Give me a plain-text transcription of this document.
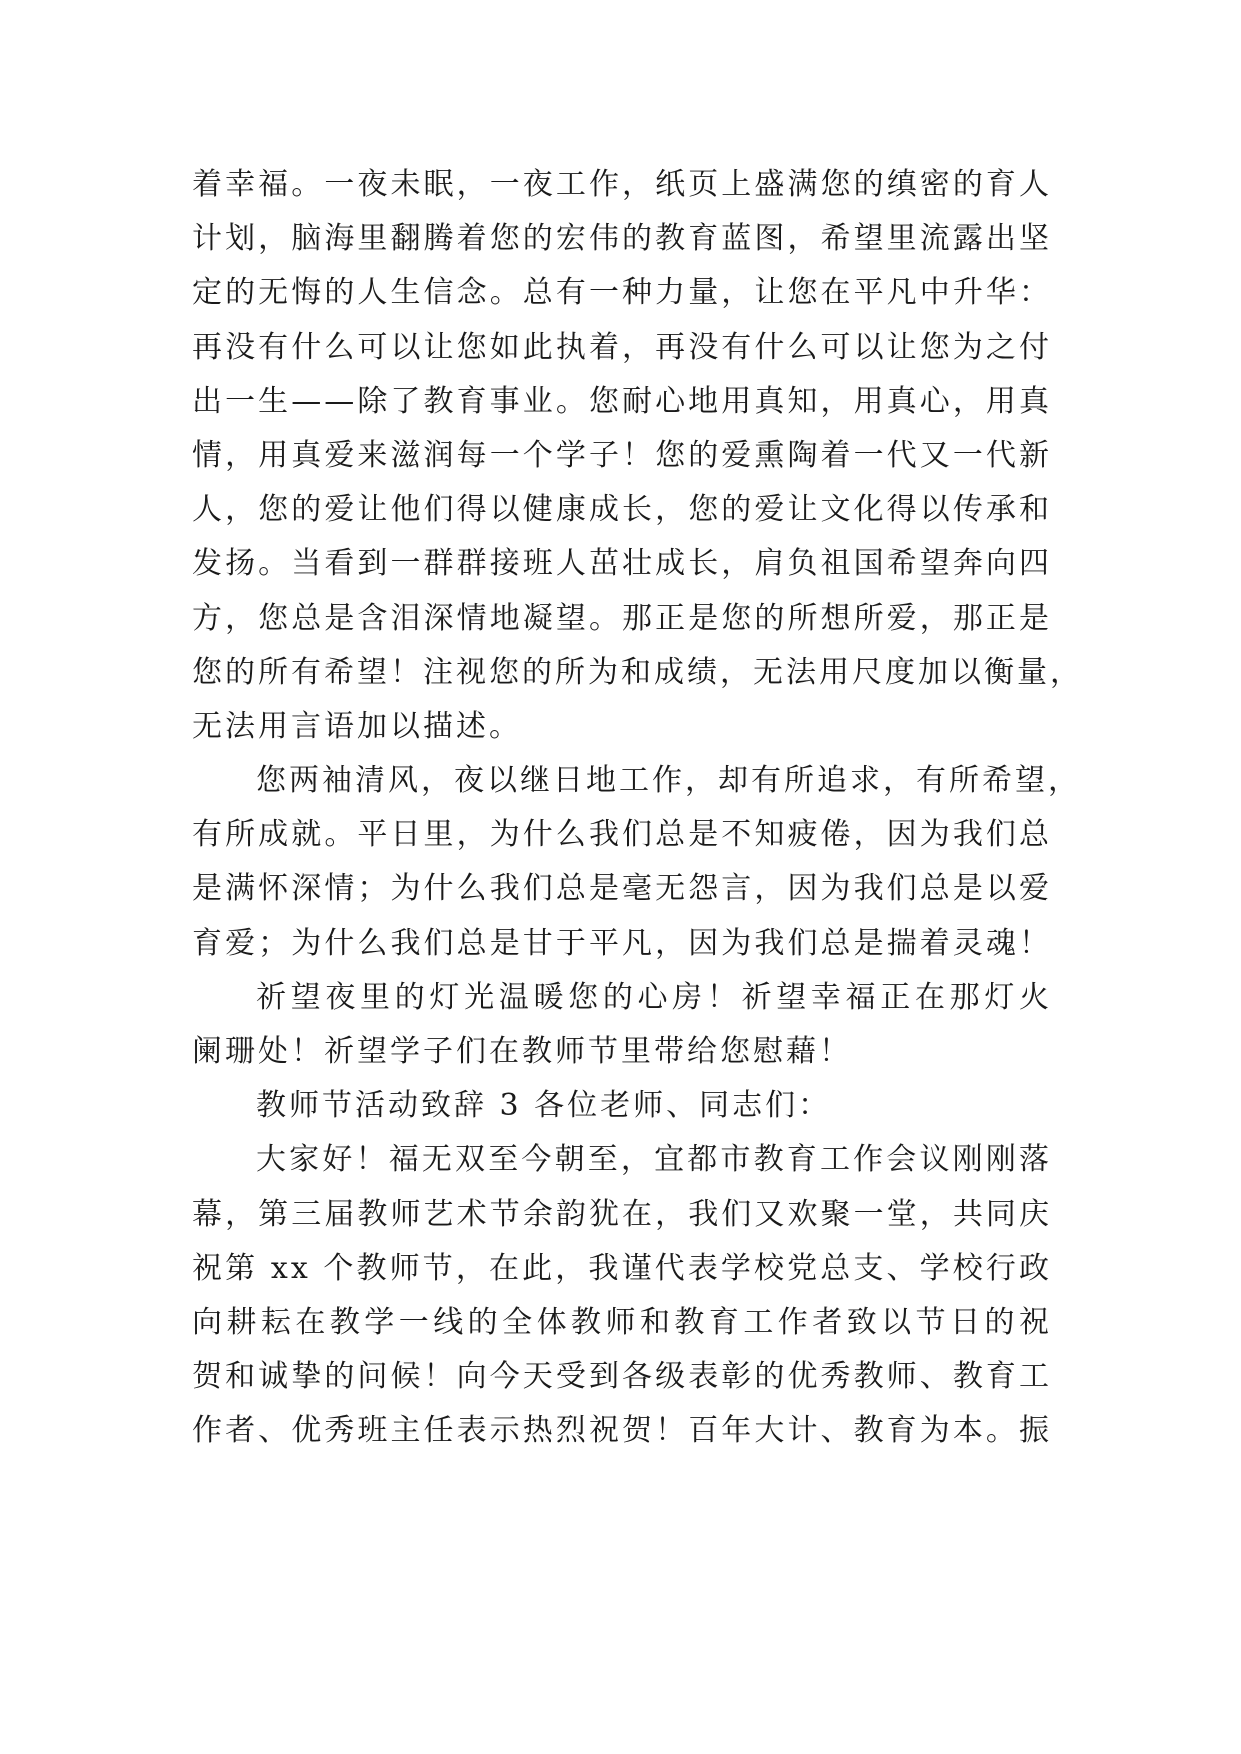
着幸福。一夜未眠，一夜工作，纸页上盛满您的缜密的育人
计划，脑海里翻腾着您的宏伟的教育蓝图，希望里流露出坚
定的无悔的人生信念。总有一种力量，让您在平凡中升华：
再没有什么可以让您如此执着，再没有什么可以让您为之付
出一生——除了教育事业。您耐心地用真知，用真心，用真
情，用真爱来滋润每一个学子！您的爱熏陶着一代又一代新
人，您的爱让他们得以健康成长，您的爱让文化得以传承和
发扬。当看到一群群接班人茁壮成长，肩负祖国希望奔向四
方，您总是含泪深情地凝望。那正是您的所想所爱，那正是
您的所有希望！注视您的所为和成绩，无法用尺度加以衡量，
无法用言语加以描述。
您两袖清风，夜以继日地工作，却有所追求，有所希望，
有所成就。平日里，为什么我们总是不知疲倦，因为我们总
是满怀深情；为什么我们总是毫无怨言，因为我们总是以爱
育爱；为什么我们总是甘于平凡，因为我们总是揣着灵魂！
祈望夜里的灯光温暖您的心房！祈望幸福正在那灯火
阑珊处！祈望学子们在教师节里带给您慰藉！
教师节活动致辞 3 各位老师、同志们：
大家好！福无双至今朝至，宜都市教育工作会议刚刚落
幕，第三届教师艺术节余韵犹在，我们又欢聚一堂，共同庆
祝第 xx 个教师节，在此，我谨代表学校党总支、学校行政
向耕耘在教学一线的全体教师和教育工作者致以节日的祝
贺和诚挚的问候！向今天受到各级表彰的优秀教师、教育工
作者、优秀班主任表示热烈祝贺！百年大计、教育为本。振
